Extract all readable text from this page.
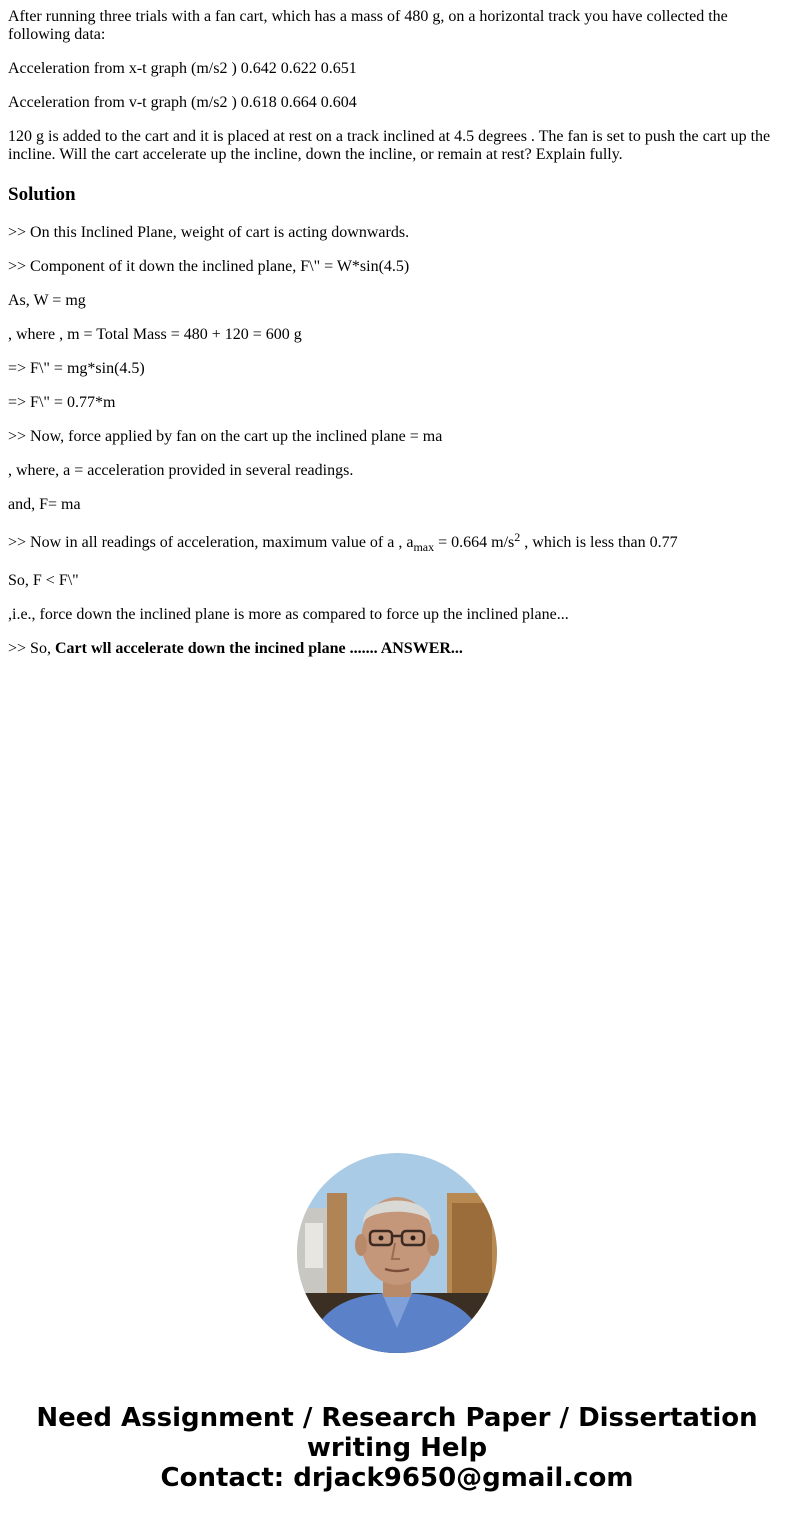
After running three trials with a fan cart, which has a mass of 480 g, on a horizontal track you have collected the following data:

Acceleration from x-t graph (m/s2 ) 0.642 0.622 0.651

Acceleration from v-t graph (m/s2 ) 0.618 0.664 0.604

120 g is added to the cart and it is placed at rest on a track inclined at 4.5 degrees . The fan is set to push the cart up the incline. Will the cart accelerate up the incline, down the incline, or remain at rest? Explain fully.

Solution

>> On this Inclined Plane, weight of cart is acting downwards.

>> Component of it down the inclined plane, F\" = W*sin(4.5)

As, W = mg

, where , m = Total Mass = 480 + 120 = 600 g

=> F\" = mg*sin(4.5)

=> F\" = 0.77*m

>> Now, force applied by fan on the cart up the inclined plane = ma

, where, a = acceleration provided in several readings.

and, F= ma

>> Now in all readings of acceleration, maximum value of a , $a_{max} = 0.664$ $m/s^2$ , which is less than 0.77

So, F < F\"

,i.e., force down the inclined plane is more as compared to force up the inclined plane...

>> So, Cart wll accelerate down the incined plane ....... ANSWER...

Need Assignment / Research Paper / Dissertation
writing Help
Contact: drjack9650@gmail.com
